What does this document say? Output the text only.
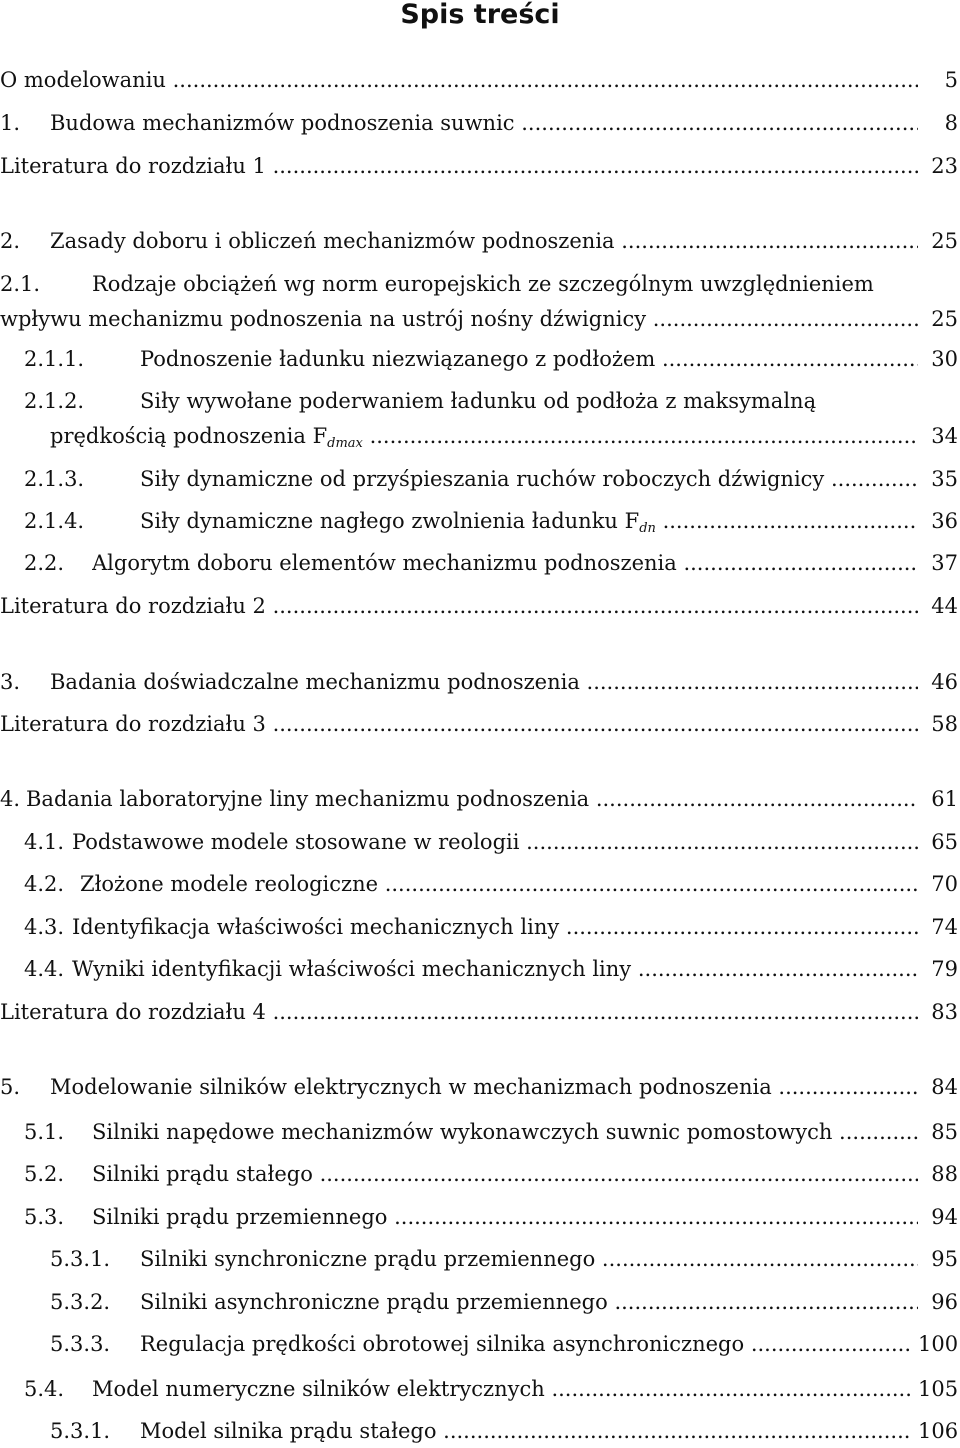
Spis treści
O modelowaniu .....	5
1. Budowa mechanizmów podnoszenia suwnic .....	8
Literatura do rozdziału 1 .....	23
2. Zasady doboru i obliczeń mechanizmów podnoszenia .....	25
2.1. Rodzaje obciążeń wg norm europejskich ze szczególnym uwzględnieniem
wpływu mechanizmu podnoszenia na ustrój nośny dźwignicy .....	25
2.1.1.	Podnoszenie ładunku niezwiązanego z podłożem .....	30
2.1.2.	Siły wywołane poderwaniem ładunku od podłoża z maksymalną
prędkością podnoszenia $F_{dmax}$ .....	34
2.1.3.	Siły dynamiczne od przyśpieszania ruchów roboczych dźwignicy .....	35
2.1.4.	Siły dynamiczne nagłego zwolnienia ładunku $F_{dn}$ .....	36
2.2. Algorytm doboru elementów mechanizmu podnoszenia .....	37
Literatura do rozdziału 2 .....	44
3. Badania doświadczalne mechanizmu podnoszenia .....	46
Literatura do rozdziału 3 .....	58
4. Badania laboratoryjne liny mechanizmu podnoszenia .....	61
4.1. Podstawowe modele stosowane w reologii .....	65
4.2. Złożone modele reologiczne .....	70
4.3. Identyfikacja właściwości mechanicznych liny .....	74
4.4. Wyniki identyfikacji właściwości mechanicznych liny .....	79
Literatura do rozdziału 4 .....	83
5. Modelowanie silników elektrycznych w mechanizmach podnoszenia .....	84
5.1. Silniki napędowe mechanizmów wykonawczych suwnic pomostowych .....	85
5.2. Silniki prądu stałego .....	88
5.3. Silniki prądu przemiennego .....	94
5.3.1. Silniki synchroniczne prądu przemiennego .....	95
5.3.2. Silniki asynchroniczne prądu przemiennego .....	96
5.3.3. Regulacja prędkości obrotowej silnika asynchronicznego .....	100
5.4. Model numeryczne silników elektrycznych .....	105
5.3.1. Model silnika prądu stałego .....	106
